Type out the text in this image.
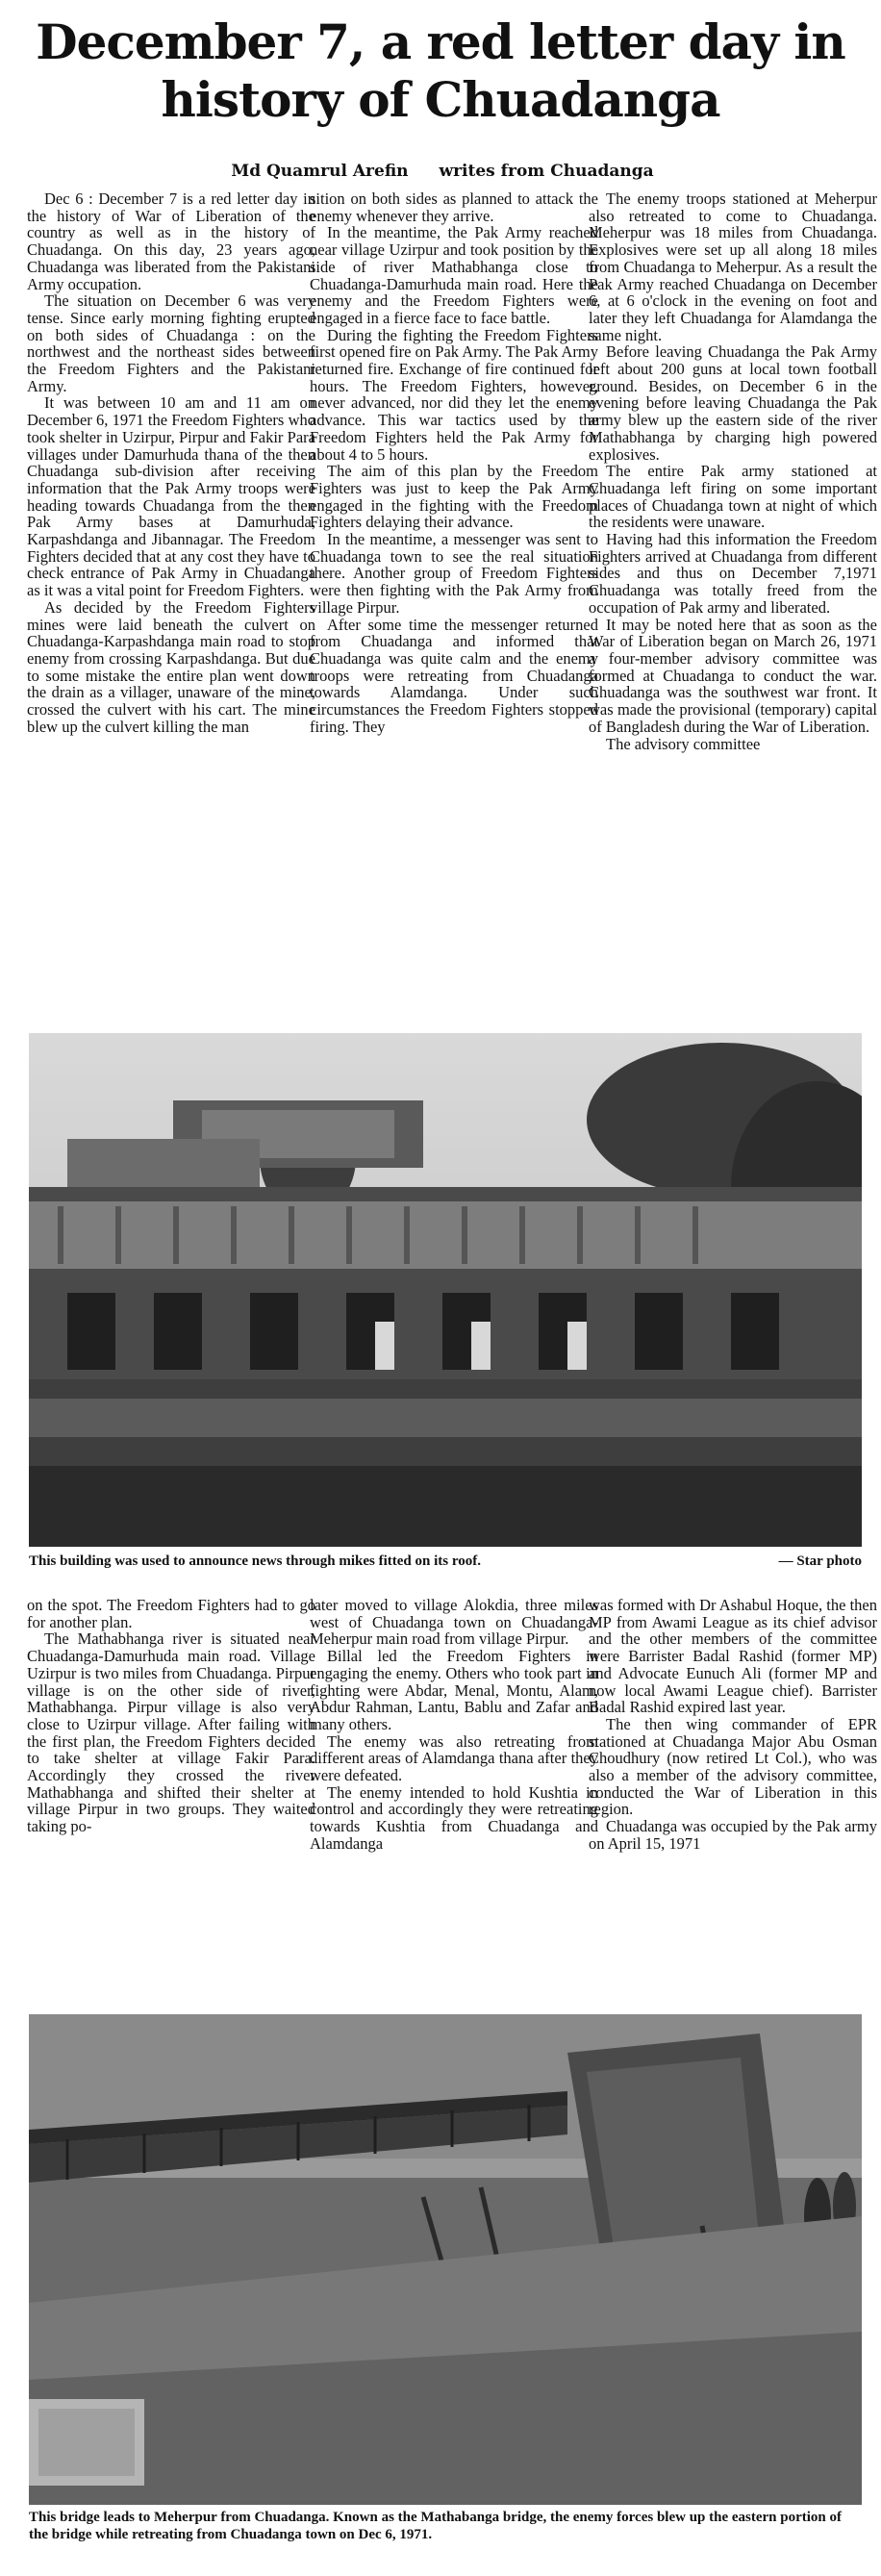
December 7, a red letter day in history of Chuadanga
Md Quamrul Arefin writes from Chuadanga

Dec 6 : December 7 is a red letter day in the history of War of Liberation of the country as well as in the history of Chuadanga. On this day, 23 years ago, Chuadanga was liberated from the Pakistani Army occupation.

The situation on December 6 was very tense. Since early morning fighting erupted on both sides of Chuadanga : on the northwest and the northeast sides between the Freedom Fighters and the Pakistani Army.

It was between 10 am and 11 am on December 6, 1971 the Freedom Fighters who took shelter in Uzirpur, Pirpur and Fakir Para villages under Damurhuda thana of the then Chuadanga sub-division after receiving information that the Pak Army troops were heading towards Chuadanga from the then Pak Army bases at Damurhuda, Karpashdanga and Jibannagar. The Freedom Fighters decided that at any cost they have to check entrance of Pak Army in Chuadanga as it was a vital point for Freedom Fighters.

As decided by the Freedom Fighters mines were laid beneath the culvert on Chuadanga-Karpashdanga main road to stop enemy from crossing Karpashdanga. But due to some mistake the entire plan went down the drain as a villager, unaware of the mine, crossed the culvert with his cart. The mine blew up the culvert killing the man

sition on both sides as planned to attack the enemy whenever they arrive.

In the meantime, the Pak Army reached near village Uzirpur and took position by the side of river Mathabhanga close to Chuadanga-Damurhuda main road. Here the enemy and the Freedom Fighters were engaged in a fierce face to face battle.

During the fighting the Freedom Fighters first opened fire on Pak Army. The Pak Army returned fire. Exchange of fire continued for hours. The Freedom Fighters, however, never advanced, nor did they let the enemy advance. This war tactics used by the Freedom Fighters held the Pak Army for about 4 to 5 hours.

The aim of this plan by the Freedom Fighters was just to keep the Pak Army engaged in the fighting with the Freedom Fighters delaying their advance.

In the meantime, a messenger was sent to Chuadanga town to see the real situation there. Another group of Freedom Fighters were then fighting with the Pak Army from village Pirpur.

After some time the messenger returned from Chuadanga and informed that Chuadanga was quite calm and the enemy troops were retreating from Chuadanga towards Alamdanga. Under such circumstances the Freedom Fighters stopped firing. They

The enemy troops stationed at Meherpur also retreated to come to Chuadanga. Meherpur was 18 miles from Chuadanga. Explosives were set up all along 18 miles from Chuadanga to Meherpur. As a result the Pak Army reached Chuadanga on December 6, at 6 o'clock in the evening on foot and later they left Chuadanga for Alamdanga the same night.

Before leaving Chuadanga the Pak Army left about 200 guns at local town football ground. Besides, on December 6 in the evening before leaving Chuadanga the Pak army blew up the eastern side of the river Mathabhanga by charging high powered explosives.

The entire Pak army stationed at Chuadanga left firing on some important places of Chuadanga town at night of which the residents were unaware.

Having had this information the Freedom Fighters arrived at Chuadanga from different sides and thus on December 7,1971 Chuadanga was totally freed from the occupation of Pak army and liberated.

It may be noted here that as soon as the War of Liberation began on March 26, 1971 a four-member advisory committee was formed at Chuadanga to conduct the war. Chuadanga was the southwest war front. It was made the provisional (temporary) capital of Bangladesh during the War of Liberation.

The advisory committee

This building was used to announce news through mikes fitted on its roof.	— Star photo

on the spot. The Freedom Fighters had to go for another plan.

The Mathabhanga river is situated near Chuadanga-Damurhuda main road. Village Uzirpur is two miles from Chuadanga. Pirpur village is on the other side of river, Mathabhanga. Pirpur village is also very close to Uzirpur village. After failing with the first plan, the Freedom Fighters decided to take shelter at village Fakir Para. Accordingly they crossed the river Mathabhanga and shifted their shelter at village Pirpur in two groups. They waited taking po-

later moved to village Alokdia, three miles west of Chuadanga town on Chuadanga-Meherpur main road from village Pirpur.

Billal led the Freedom Fighters in engaging the enemy. Others who took part in fighting were Abdar, Menal, Montu, Alam, Abdur Rahman, Lantu, Bablu and Zafar and many others.

The enemy was also retreating from different areas of Alamdanga thana after they were defeated.

The enemy intended to hold Kushtia in control and accordingly they were retreating towards Kushtia from Chuadanga and Alamdanga

was formed with Dr Ashabul Hoque, the then MP from Awami League as its chief advisor and the other members of the committee were Barrister Badal Rashid (former MP) and Advocate Eunuch Ali (former MP and now local Awami League chief). Barrister Badal Rashid expired last year.

The then wing commander of EPR stationed at Chuadanga Major Abu Osman Choudhury (now retired Lt Col.), who was also a member of the advisory committee, conducted the War of Liberation in this region.

Chuadanga was occupied by the Pak army on April 15, 1971

This bridge leads to Meherpur from Chuadanga. Known as the Mathabanga bridge, the enemy forces blew up the eastern portion of the bridge while retreating from Chuadanga town on Dec 6, 1971.
